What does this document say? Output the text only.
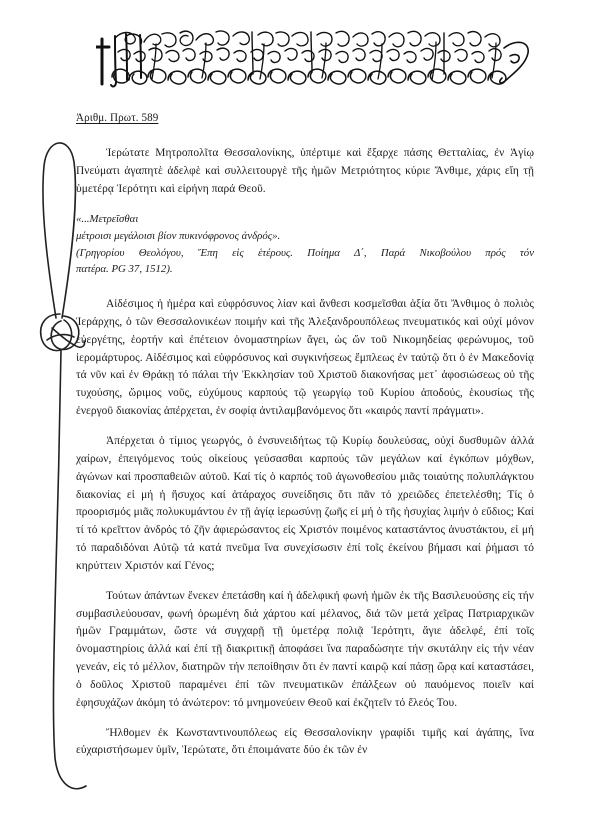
Ἀριθμ. Πρωτ. 589

Ἱερώτατε Μητροπολῖτα Θεσσαλονίκης, ὑπέρτιμε καὶ ἔξαρχε πάσης Θετταλίας, ἐν Ἁγίῳ Πνεύματι ἀγαπητὲ ἀδελφὲ καὶ συλλειτουργὲ τῆς ἡμῶν Μετριότητος κύριε Ἄνθιμε, χάρις εἴη τῇ ὑμετέρᾳ Ἱερότητι καὶ εἰρήνη παρά Θεοῦ.

«...Μετρεῖσθαι

μέτροισι μεγάλοισι βίον πυκινόφρονος ἀνδρός».

(Γρηγορίου Θεολόγου, Ἔπη εἰς ἑτέρους. Ποίημα Δ΄, Παρά Νικοβούλου πρός τόν

πατέρα. PG 37, 1512).

Αἰδέσιμος ἡ ἡμέρα καὶ εὐφρόσυνος λίαν καὶ ἄνθεσι κοσμεῖσθαι ἀξία ὅτι Ἄνθιμος ὁ πολιὸς Ἱεράρχης, ὁ τῶν Θεσσαλονικέων ποιμήν καὶ τῆς Ἀλεξανδρουπόλεως πνευματικός καὶ οὐχί μόνον εὐεργέτης, ἑορτήν καὶ ἐπέτειον ὀνομαστηρίων ἄγει, ὡς ὤν τοῦ Νικομηδείας φερώνυμος, τοῦ ἱερομάρτυρος. Αἰδέσιμος καὶ εὐφρόσυνος καὶ συγκινήσεως ἔμπλεως ἐν ταὐτῷ ὅτι ὁ ἐν Μακεδονίᾳ τά νῦν καὶ ἐν Θράκῃ τό πάλαι τήν Ἐκκλησίαν τοῦ Χριστοῦ διακονήσας μετ᾽ ἀφοσιώσεως οὐ τῆς τυχούσης, ὥριμος νοῦς, εὐχύμους καρπούς τῷ γεωργίῳ τοῦ Κυρίου ἀποδούς, ἑκουσίως τῆς ἐνεργοῦ διακονίας ἀπέρχεται, ἐν σοφίᾳ ἀντιλαμβανόμενος ὅτι «καιρός παντί πράγματι».

Ἀπέρχεται ὁ τίμιος γεωργός, ὁ ἐνσυνειδήτως τῷ Κυρίῳ δουλεύσας, οὐχί δυσθυμῶν ἀλλά χαίρων, ἐπειγόμενος τούς οἰκείους γεύσασθαι καρπούς τῶν μεγάλων καί ἐγκόπων μόχθων, ἀγώνων καί προσπαθειῶν αὐτοῦ. Καί τίς ὁ καρπός τοῦ ἀγωνοθεσίου μιᾶς τοιαύτης πολυπλάγκτου διακονίας εἰ μή ἡ ἥσυχος καί ἀτάραχος συνείδησις ὅτι πᾶν τό χρειῶδες ἐπετελέσθη; Τίς ὁ προορισμός μιᾶς πολυκυμάντου ἐν τῇ ἁγίᾳ ἱερωσύνῃ ζωῆς εἰ μή ὁ τῆς ἡσυχίας λιμήν ὁ εὔδιος; Καί τί τό κρεῖττον ἀνδρός τό ζῆν ἀφιερώσαντος εἰς Χριστόν ποιμένος καταστάντος ἀνυστάκτου, εἰ μή τό παραδιδόναι Αὐτῷ τά κατά πνεῦμα ἵνα συνεχίσωσιν ἐπί τοῖς ἐκείνου βήμασι καί ῥήμασι τό κηρύττειν Χριστόν καί Γένος;

Τούτων ἁπάντων ἕνεκεν ἐπετάσθη καί ἡ ἀδελφική φωνή ἡμῶν ἐκ τῆς Βασιλευούσης εἰς τήν συμβασιλεύουσαν, φωνή ὁρωμένη διά χάρτου καί μέλανος, διά τῶν μετά χεῖρας Πατριαρχικῶν ἡμῶν Γραμμάτων, ὥστε νά συγχαρῇ τῇ ὑμετέρᾳ πολιᾷ Ἱερότητι, ἅγιε ἀδελφέ, ἐπί τοῖς ὀνομαστηρίοις ἀλλά καί ἐπί τῇ διακριτικῇ ἀποφάσει ἵνα παραδώσητε τήν σκυτάλην εἰς τήν νέαν γενεάν, εἰς τό μέλλον, διατηρῶν τήν πεποίθησιν ὅτι ἐν παντί καιρῷ καί πάσῃ ὥρᾳ καί καταστάσει, ὁ δοῦλος Χριστοῦ παραμένει ἐπί τῶν πνευματικῶν ἐπάλξεων οὐ παυόμενος ποιεῖν καί ἐφησυχάζων ἀκόμη τό ἀνώτερον: τό μνημονεύειν Θεοῦ καί ἐκζητεῖν τό ἔλεός Του.

Ἤλθομεν ἐκ Κωνσταντινουπόλεως εἰς Θεσσαλονίκην γραφίδι τιμῆς καί ἀγάπης, ἵνα εὐχαριστήσωμεν ὑμῖν, Ἱερώτατε, ὅτι ἐποιμάνατε δύο ἐκ τῶν ἐν
